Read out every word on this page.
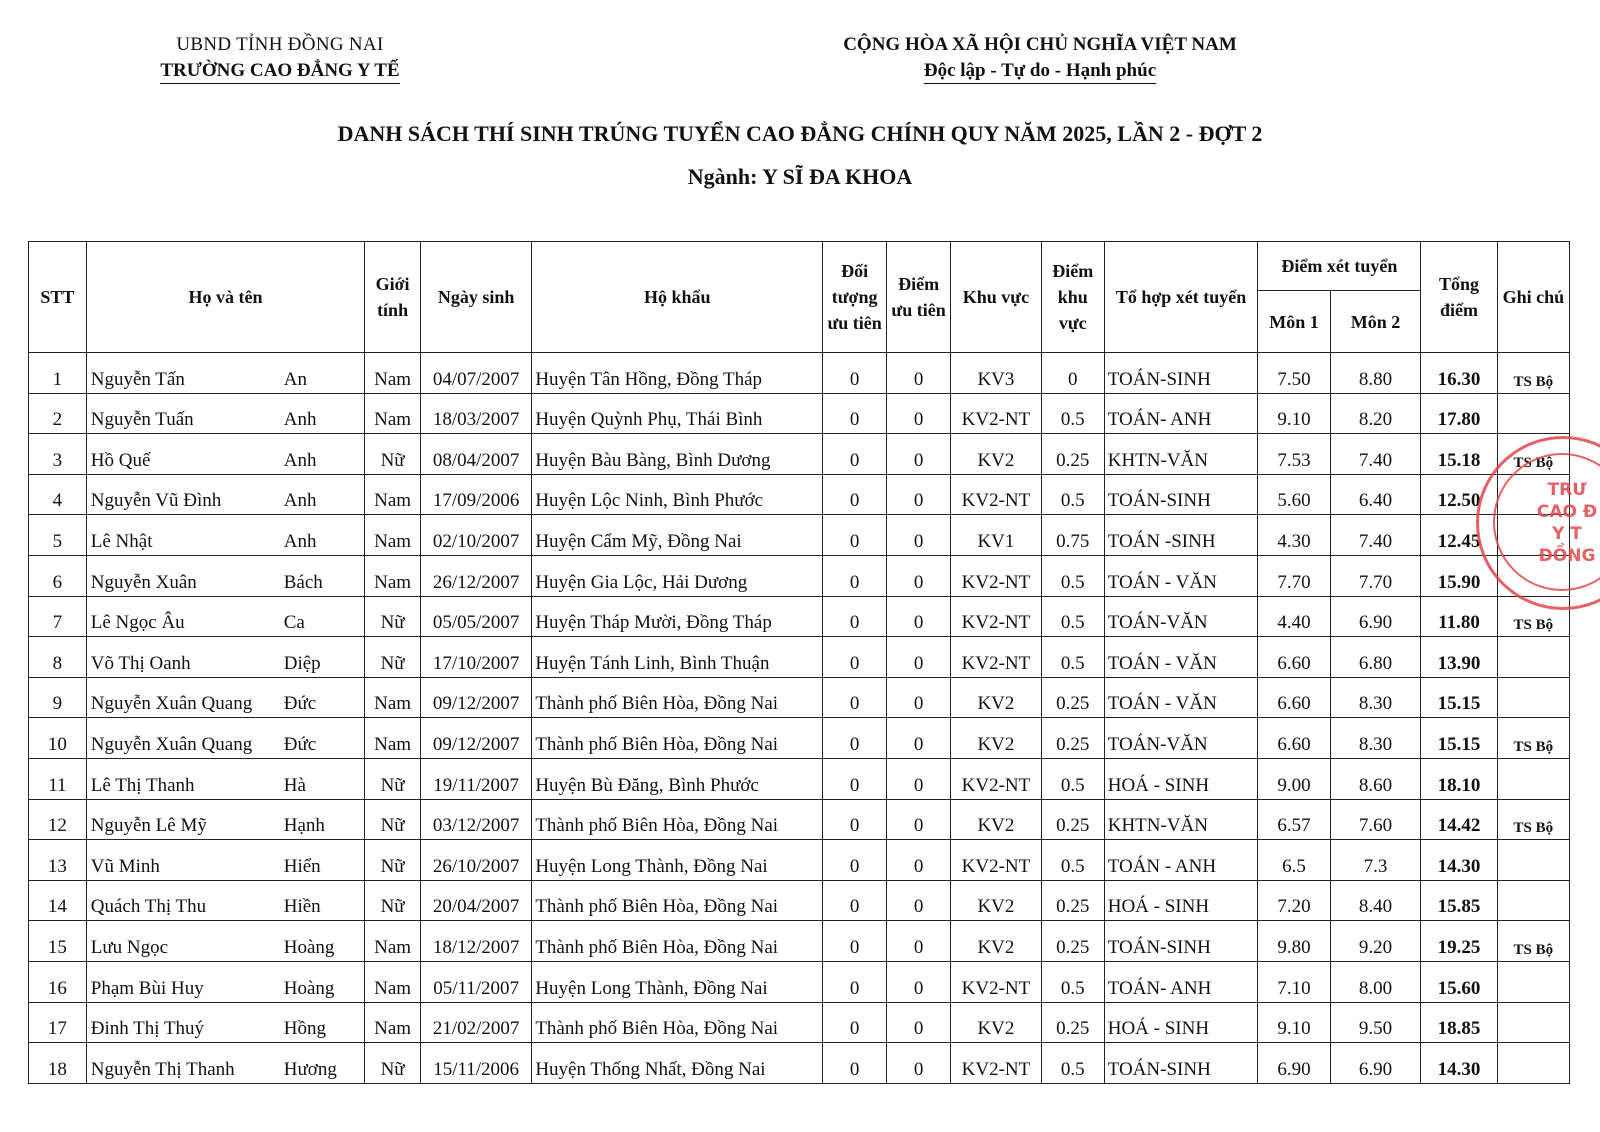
UBND TỈNH ĐỒNG NAI
TRƯỜNG CAO ĐẲNG Y TẾ
CỘNG HÒA XÃ HỘI CHỦ NGHĨA VIỆT NAM
Độc lập - Tự do - Hạnh phúc
DANH SÁCH THÍ SINH TRÚNG TUYỂN CAO ĐẲNG CHÍNH QUY NĂM 2025, LẦN 2 - ĐỢT 2
Ngành: Y SĨ ĐA KHOA
STT	Họ và tên	Giới tính	Ngày sinh	Hộ khẩu	Đối tượng ưu tiên	Điểm ưu tiên	Khu vực	Điểm khu vực	Tổ hợp xét tuyển	Điểm xét tuyển		Tổng điểm	Ghi chú
										Môn 1	Môn 2		
1	Nguyễn Tấn An	Nam	04/07/2007	Huyện Tân Hồng, Đồng Tháp	0	0	KV3	0	TOÁN-SINH	7.50	8.80	16.30	TS Bộ
2	Nguyễn Tuấn Anh	Nam	18/03/2007	Huyện Quỳnh Phụ, Thái Bình	0	0	KV2-NT	0.5	TOÁN- ANH	9.10	8.20	17.80	
3	Hồ Quế Anh	Nữ	08/04/2007	Huyện Bàu Bàng, Bình Dương	0	0	KV2	0.25	KHTN-VĂN	7.53	7.40	15.18	TS Bộ
4	Nguyễn Vũ Đình Anh	Nam	17/09/2006	Huyện Lộc Ninh, Bình Phước	0	0	KV2-NT	0.5	TOÁN-SINH	5.60	6.40	12.50	
5	Lê Nhật Anh	Nam	02/10/2007	Huyện Cẩm Mỹ, Đồng Nai	0	0	KV1	0.75	TOÁN -SINH	4.30	7.40	12.45	
6	Nguyễn Xuân Bách	Nam	26/12/2007	Huyện Gia Lộc, Hải Dương	0	0	KV2-NT	0.5	TOÁN - VĂN	7.70	7.70	15.90	
7	Lê Ngọc Âu Ca	Nữ	05/05/2007	Huyện Tháp Mười, Đồng Tháp	0	0	KV2-NT	0.5	TOÁN-VĂN	4.40	6.90	11.80	TS Bộ
8	Võ Thị Oanh Diệp	Nữ	17/10/2007	Huyện Tánh Linh, Bình Thuận	0	0	KV2-NT	0.5	TOÁN - VĂN	6.60	6.80	13.90	
9	Nguyễn Xuân Quang Đức	Nam	09/12/2007	Thành phố Biên Hòa, Đồng Nai	0	0	KV2	0.25	TOÁN - VĂN	6.60	8.30	15.15	
10	Nguyễn Xuân Quang Đức	Nam	09/12/2007	Thành phố Biên Hòa, Đồng Nai	0	0	KV2	0.25	TOÁN-VĂN	6.60	8.30	15.15	TS Bộ
11	Lê Thị Thanh Hà	Nữ	19/11/2007	Huyện Bù Đăng, Bình Phước	0	0	KV2-NT	0.5	HOÁ - SINH	9.00	8.60	18.10	
12	Nguyễn Lê Mỹ Hạnh	Nữ	03/12/2007	Thành phố Biên Hòa, Đồng Nai	0	0	KV2	0.25	KHTN-VĂN	6.57	7.60	14.42	TS Bộ
13	Vũ Minh Hiển	Nữ	26/10/2007	Huyện Long Thành, Đồng Nai	0	0	KV2-NT	0.5	TOÁN - ANH	6.5	7.3	14.30	
14	Quách Thị Thu Hiền	Nữ	20/04/2007	Thành phố Biên Hòa, Đồng Nai	0	0	KV2	0.25	HOÁ - SINH	7.20	8.40	15.85	
15	Lưu Ngọc Hoàng	Nam	18/12/2007	Thành phố Biên Hòa, Đồng Nai	0	0	KV2	0.25	TOÁN-SINH	9.80	9.20	19.25	TS Bộ
16	Phạm Bùi Huy Hoàng	Nam	05/11/2007	Huyện Long Thành, Đồng Nai	0	0	KV2-NT	0.5	TOÁN- ANH	7.10	8.00	15.60	
17	Đinh Thị Thuý Hồng	Nam	21/02/2007	Thành phố Biên Hòa, Đồng Nai	0	0	KV2	0.25	HOÁ - SINH	9.10	9.50	18.85	
18	Nguyễn Thị Thanh Hương	Nữ	15/11/2006	Huyện Thống Nhất, Đồng Nai	0	0	KV2-NT	0.5	TOÁN-SINH	6.90	6.90	14.30	
TRƯ
CAO Đ
Y T
ĐỒNG
